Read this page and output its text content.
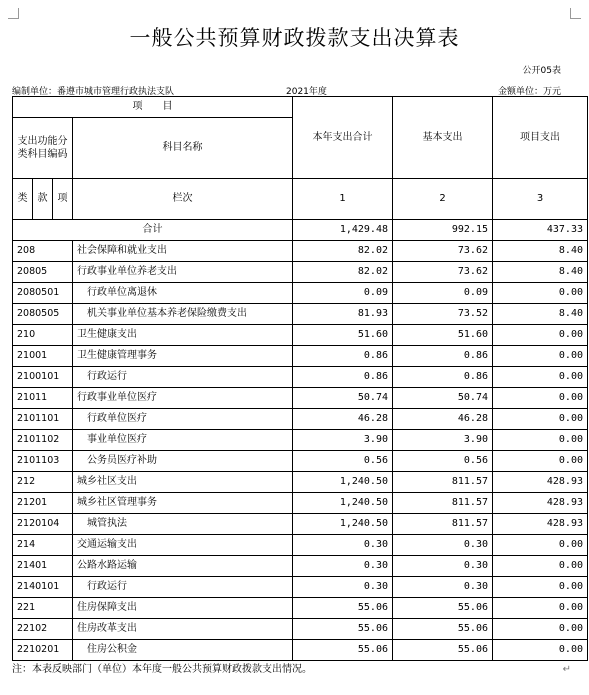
一般公共预算财政拨款支出决算表
公开05表
编制单位：番遵市城市管理行政执法支队	2021年度	金额单位：万元
项　　目				本年支出合计	基本支出	项目支出
支出功能分类科目编码			科目名称			

类	款	项				
			栏次	1	2	3
合计				1,429.48	992.15	437.33
208			社会保障和就业支出	82.02	73.62	8.40
20805			行政事业单位养老支出	82.02	73.62	8.40
2080501			行政单位离退休	0.09	0.09	0.00
2080505			机关事业单位基本养老保险缴费支出	81.93	73.52	8.40
210			卫生健康支出	51.60	51.60	0.00
21001			卫生健康管理事务	0.86	0.86	0.00
2100101			行政运行	0.86	0.86	0.00
21011			行政事业单位医疗	50.74	50.74	0.00
2101101			行政单位医疗	46.28	46.28	0.00
2101102			事业单位医疗	3.90	3.90	0.00
2101103			公务员医疗补助	0.56	0.56	0.00
212			城乡社区支出	1,240.50	811.57	428.93
21201			城乡社区管理事务	1,240.50	811.57	428.93
2120104			城管执法	1,240.50	811.57	428.93
214			交通运输支出	0.30	0.30	0.00
21401			公路水路运输	0.30	0.30	0.00
2140101			行政运行	0.30	0.30	0.00
221			住房保障支出	55.06	55.06	0.00
22102			住房改革支出	55.06	55.06	0.00
2210201			住房公积金	55.06	55.06	0.00
注：本表反映部门（单位）本年度一般公共预算财政拨款支出情况。	↵
